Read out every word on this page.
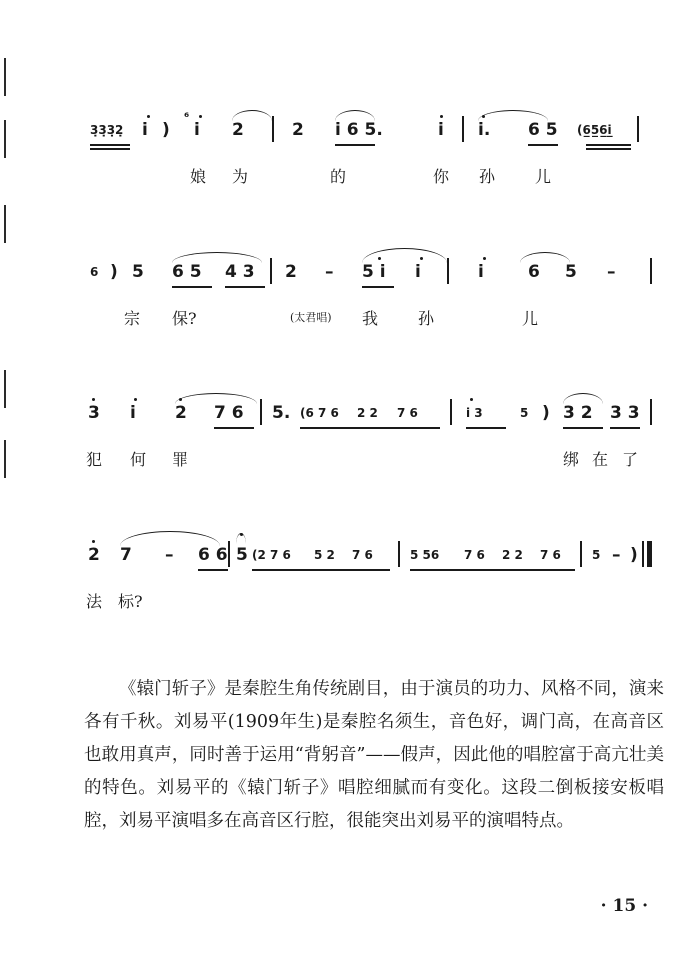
3̣3̣3̣2̣ i )
⁶
i 2	2 i 6 5.	i i. 6 5 (6̲5̲6̲i̲
娘 为	的	你 孙 儿
6 ) 5 6 5 4 3 2 – 5 i i	i	6 5 –
宗 保?	(太君唱) 我 孙	儿
3 i 2 7 6 5. (6 7 6 2 2 7 6	i 3	5 ) 3 2 3 3
犯 何 罪	绑 在 了
2 7 – 6 6 5 (2 7 6 5 2 7 6	5 56 7 6 2 2 7 6	5 – )
法 标?

《辕门斩子》是秦腔生角传统剧目，由于演员的功力、风格不同，演来各有千秋。刘易平(1909年生)是秦腔名须生，音色好，调门高，在高音区也敢用真声，同时善于运用“背躬音”——假声，因此他的唱腔富于高亢壮美的特色。刘易平的《辕门斩子》唱腔细腻而有变化。这段二倒板接安板唱腔，刘易平演唱多在高音区行腔，很能突出刘易平的演唱特点。

· 15 ·
